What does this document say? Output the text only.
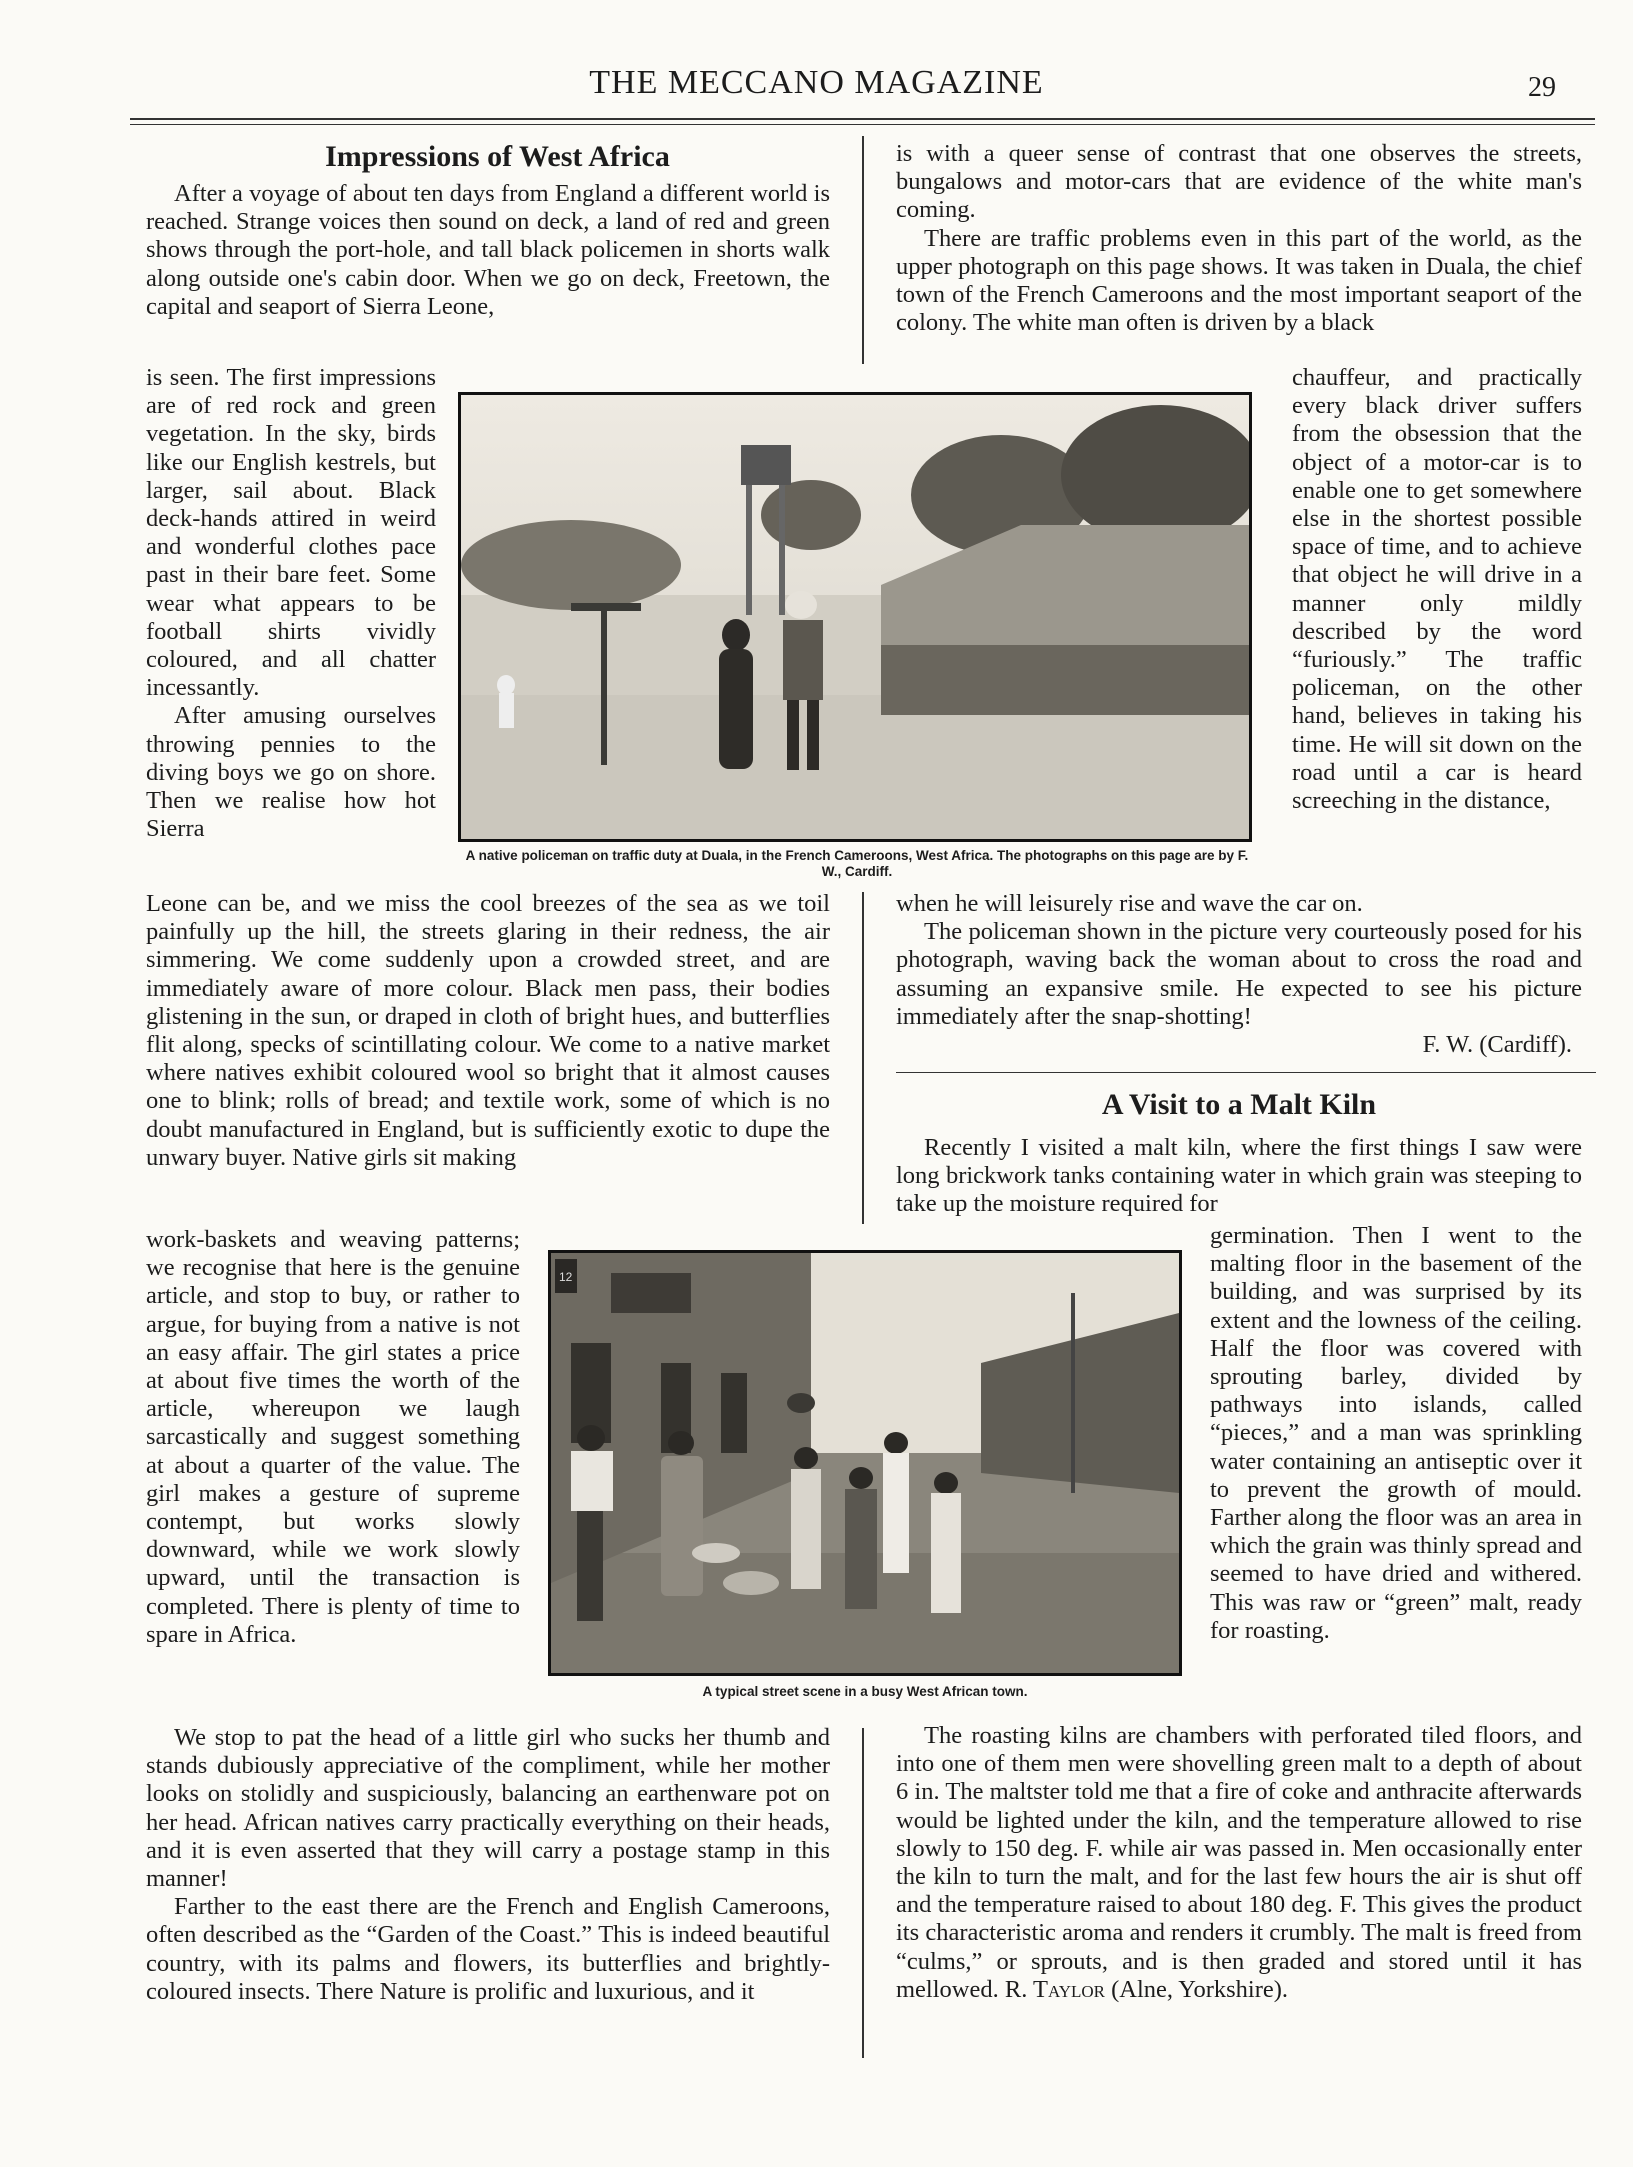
THE MECCANO MAGAZINE	29
Impressions of West Africa

After a voyage of about ten days from England a different world is reached. Strange voices then sound on deck, a land of red and green shows through the port-hole, and tall black policemen in shorts walk along outside one's cabin door. When we go on deck, Freetown, the capital and seaport of Sierra Leone,

is seen. The first impressions are of red rock and green vegetation. In the sky, birds like our English kestrels, but larger, sail about. Black deck-hands attired in weird and wonderful clothes pace past in their bare feet. Some wear what appears to be football shirts vividly coloured, and all chatter incessantly.

After amusing ourselves throwing pennies to the diving boys we go on shore. Then we realise how hot Sierra

Leone can be, and we miss the cool breezes of the sea as we toil painfully up the hill, the streets glaring in their redness, the air simmering. We come suddenly upon a crowded street, and are immediately aware of more colour. Black men pass, their bodies glistening in the sun, or draped in cloth of bright hues, and butterflies flit along, specks of scintillating colour. We come to a native market where natives exhibit coloured wool so bright that it almost causes one to blink; rolls of bread; and textile work, some of which is no doubt manufactured in England, but is sufficiently exotic to dupe the unwary buyer. Native girls sit making

work-baskets and weaving patterns; we recognise that here is the genuine article, and stop to buy, or rather to argue, for buying from a native is not an easy affair. The girl states a price at about five times the worth of the article, whereupon we laugh sarcastically and suggest something at about a quarter of the value. The girl makes a gesture of supreme contempt, but works slowly downward, while we work slowly upward, until the transaction is completed. There is plenty of time to spare in Africa.

We stop to pat the head of a little girl who sucks her thumb and stands dubiously appreciative of the compliment, while her mother looks on stolidly and suspiciously, balancing an earthenware pot on her head. African natives carry practically everything on their heads, and it is even asserted that they will carry a postage stamp in this manner!

Farther to the east there are the French and English Cameroons, often described as the “Garden of the Coast.” This is indeed beautiful country, with its palms and flowers, its butterflies and brightly-coloured insects. There Nature is prolific and luxurious, and it

is with a queer sense of contrast that one observes the streets, bungalows and motor-cars that are evidence of the white man's coming.

There are traffic problems even in this part of the world, as the upper photograph on this page shows. It was taken in Duala, the chief town of the French Cameroons and the most important seaport of the colony. The white man often is driven by a black

chauffeur, and practically every black driver suffers from the obsession that the object of a motor-car is to enable one to get somewhere else in the shortest possible space of time, and to achieve that object he will drive in a manner only mildly described by the word “furiously.” The traffic policeman, on the other hand, believes in taking his time. He will sit down on the road until a car is heard screeching in the distance,

when he will leisurely rise and wave the car on.

The policeman shown in the picture very courteously posed for his photograph, waving back the woman about to cross the road and assuming an expansive smile. He expected to see his picture immediately after the snap-shotting!

F. W. (Cardiff).
A native policeman on traffic duty at Duala, in the French Cameroons, West Africa. The photographs on this page are by F. W., Cardiff.
A Visit to a Malt Kiln

Recently I visited a malt kiln, where the first things I saw were long brickwork tanks containing water in which grain was steeping to take up the moisture required for

germination. Then I went to the malting floor in the basement of the building, and was surprised by its extent and the lowness of the ceiling. Half the floor was covered with sprouting barley, divided by pathways into islands, called “pieces,” and a man was sprinkling water containing an antiseptic over it to prevent the growth of mould. Farther along the floor was an area in which the grain was thinly spread and seemed to have dried and withered. This was raw or “green” malt, ready for roasting.

The roasting kilns are chambers with perforated tiled floors, and into one of them men were shovelling green malt to a depth of about 6 in. The maltster told me that a fire of coke and anthracite afterwards would be lighted under the kiln, and the temperature allowed to rise slowly to 150 deg. F. while air was passed in. Men occasionally enter the kiln to turn the malt, and for the last few hours the air is shut off and the temperature raised to about 180 deg. F. This gives the product its characteristic aroma and renders it crumbly. The malt is freed from “culms,” or sprouts, and is then graded and stored until it has mellowed. R. Taylor (Alne, Yorkshire).

12
A typical street scene in a busy West African town.
